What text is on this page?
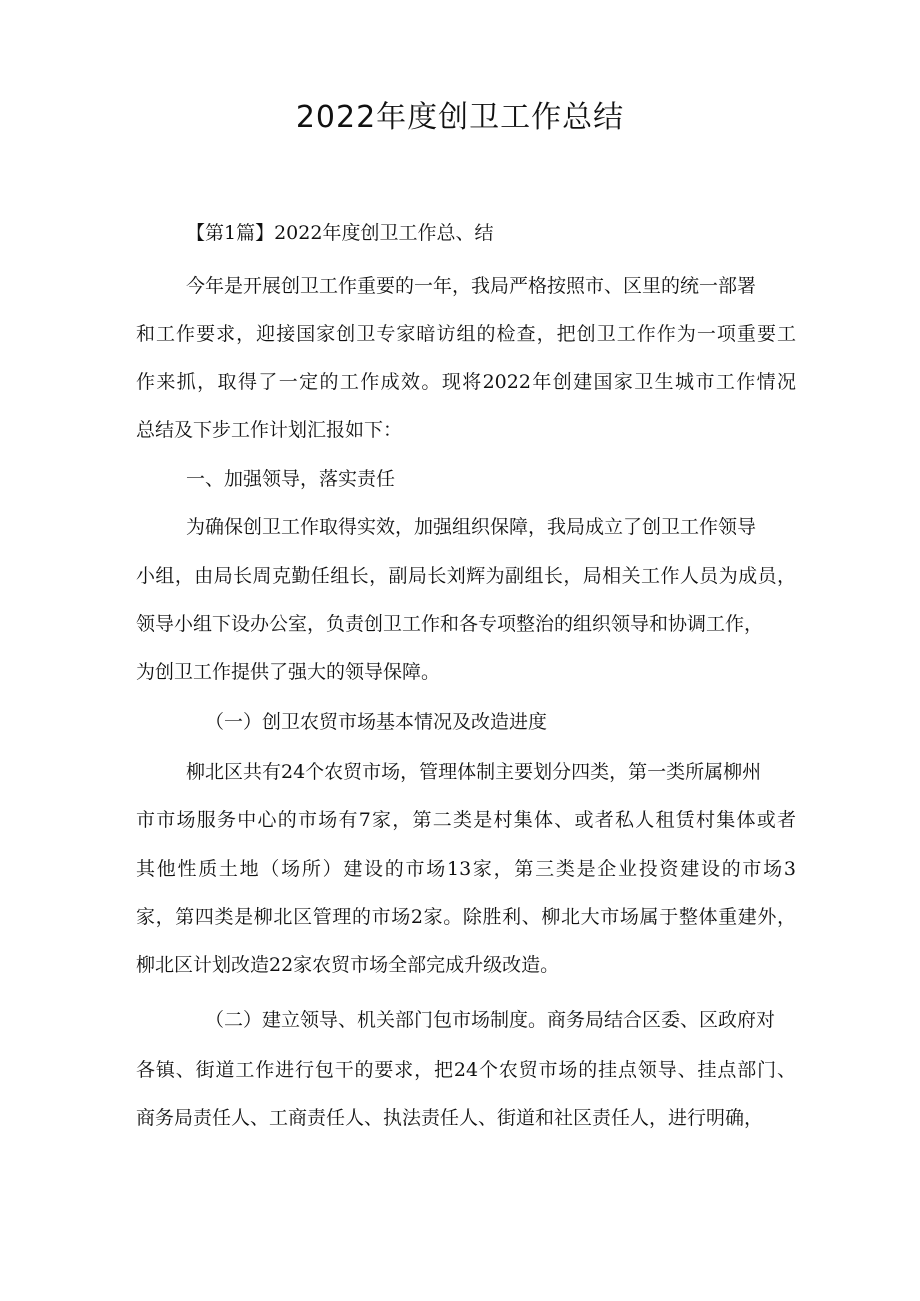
2022年度创卫工作总结
【第1篇】2022年度创卫工作总、结
今年是开展创卫工作重要的一年，我局严格按照市、区里的统一部署
和工作要求，迎接国家创卫专家暗访组的检查，把创卫工作作为一项重要工
作来抓，取得了一定的工作成效。现将2022年创建国家卫生城市工作情况
总结及下步工作计划汇报如下：
一、加强领导，落实责任
为确保创卫工作取得实效，加强组织保障，我局成立了创卫工作领导
小组，由局长周克勤任组长，副局长刘辉为副组长，局相关工作人员为成员，
领导小组下设办公室，负责创卫工作和各专项整治的组织领导和协调工作，
为创卫工作提供了强大的领导保障。
（一）创卫农贸市场基本情况及改造进度
柳北区共有24个农贸市场，管理体制主要划分四类，第一类所属柳州
市市场服务中心的市场有7家，第二类是村集体、或者私人租赁村集体或者
其他性质土地（场所）建设的市场13家，第三类是企业投资建设的市场3
家，第四类是柳北区管理的市场2家。除胜利、柳北大市场属于整体重建外，
柳北区计划改造22家农贸市场全部完成升级改造。
（二）建立领导、机关部门包市场制度。商务局结合区委、区政府对
各镇、街道工作进行包干的要求，把24个农贸市场的挂点领导、挂点部门、
商务局责任人、工商责任人、执法责任人、街道和社区责任人，进行明确，
